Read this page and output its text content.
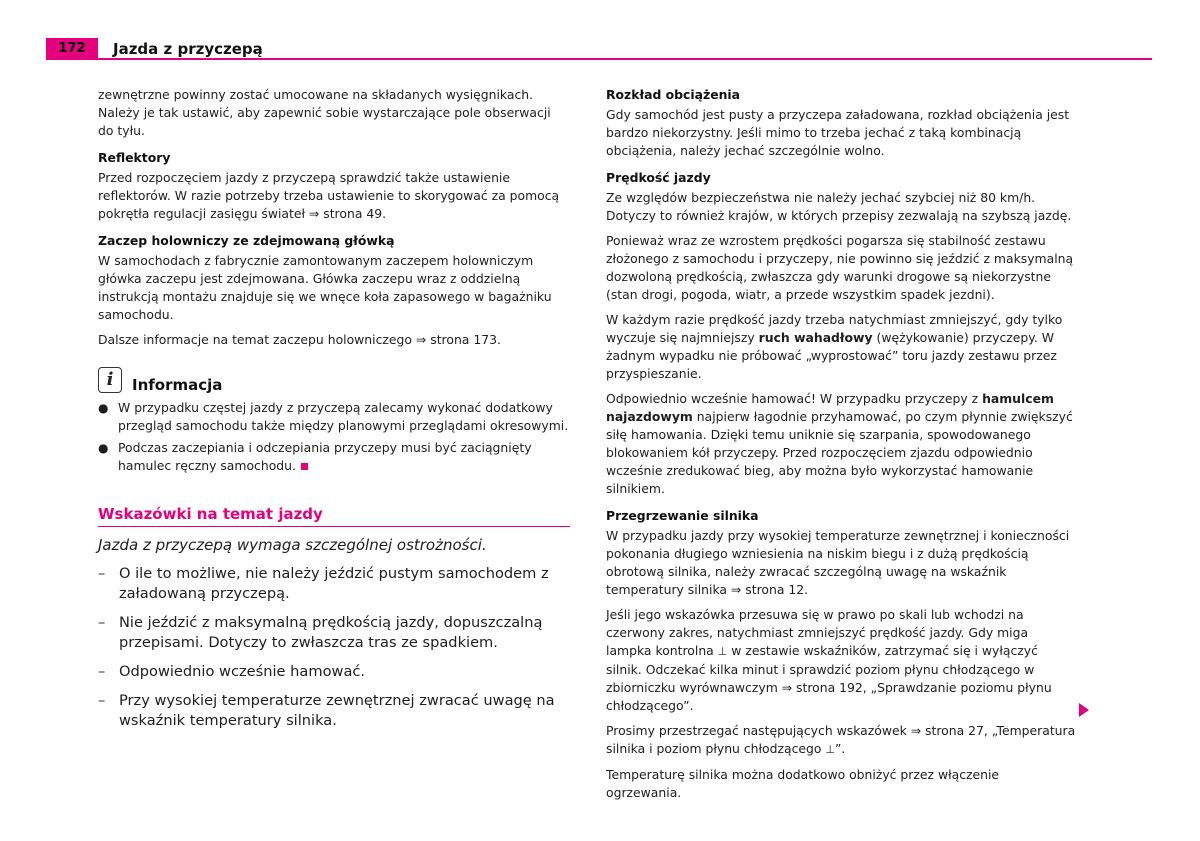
172	Jazda z przyczepą

zewnętrzne powinny zostać umocowane na składanych wysięgnikach. Należy je tak ustawić, aby zapewnić sobie wystarczające pole obserwacji do tyłu.

Reflektory

Przed rozpoczęciem jazdy z przyczepą sprawdzić także ustawienie reflektorów. W razie potrzeby trzeba ustawienie to skorygować za pomocą pokrętła regulacji zasięgu świateł ⇒ strona 49.

Zaczep holowniczy ze zdejmowaną główką

W samochodach z fabrycznie zamontowanym zaczepem holowniczym główka zaczepu jest zdejmowana. Główka zaczepu wraz z oddzielną instrukcją montażu znajduje się we wnęce koła zapasowego w bagażniku samochodu.

Dalsze informacje na temat zaczepu holowniczego ⇒ strona 173.

i	Informacja
● W przypadku częstej jazdy z przyczepą zalecamy wykonać dodatkowy przegląd samochodu także między planowymi przeglądami okresowymi.
● Podczas zaczepiania i odczepiania przyczepy musi być zaciągnięty hamulec ręczny samochodu.
Wskazówki na temat jazdy
Jazda z przyczepą wymaga szczególnej ostrożności.
– O ile to możliwe, nie należy jeździć pustym samochodem z załadowaną przyczepą.
– Nie jeździć z maksymalną prędkością jazdy, dopuszczalną przepisami. Dotyczy to zwłaszcza tras ze spadkiem.
– Odpowiednio wcześnie hamować.
– Przy wysokiej temperaturze zewnętrznej zwracać uwagę na wskaźnik temperatury silnika.
Rozkład obciążenia

Gdy samochód jest pusty a przyczepa załadowana, rozkład obciążenia jest bardzo niekorzystny. Jeśli mimo to trzeba jechać z taką kombinacją obciążenia, należy jechać szczególnie wolno.

Prędkość jazdy

Ze względów bezpieczeństwa nie należy jechać szybciej niż 80 km/h. Dotyczy to również krajów, w których przepisy zezwalają na szybszą jazdę.

Ponieważ wraz ze wzrostem prędkości pogarsza się stabilność zestawu złożonego z samochodu i przyczepy, nie powinno się jeździć z maksymalną dozwoloną prędkością, zwłaszcza gdy warunki drogowe są niekorzystne (stan drogi, pogoda, wiatr, a przede wszystkim spadek jezdni).

W każdym razie prędkość jazdy trzeba natychmiast zmniejszyć, gdy tylko wyczuje się najmniejszy ruch wahadłowy (wężykowanie) przyczepy. W żadnym wypadku nie próbować „wyprostować” toru jazdy zestawu przez przyspieszanie.

Odpowiednio wcześnie hamować! W przypadku przyczepy z hamulcem najazdowym najpierw łagodnie przyhamować, po czym płynnie zwiększyć siłę hamowania. Dzięki temu uniknie się szarpania, spowodowanego blokowaniem kół przyczepy. Przed rozpoczęciem zjazdu odpowiednio wcześnie zredukować bieg, aby można było wykorzystać hamowanie silnikiem.

Przegrzewanie silnika

W przypadku jazdy przy wysokiej temperaturze zewnętrznej i konieczności pokonania długiego wzniesienia na niskim biegu i z dużą prędkością obrotową silnika, należy zwracać szczególną uwagę na wskaźnik temperatury silnika ⇒ strona 12.

Jeśli jego wskazówka przesuwa się w prawo po skali lub wchodzi na czerwony zakres, natychmiast zmniejszyć prędkość jazdy. Gdy miga lampka kontrolna ⊥ w zestawie wskaźników, zatrzymać się i wyłączyć silnik. Odczekać kilka minut i sprawdzić poziom płynu chłodzącego w zbiorniczku wyrównawczym ⇒ strona 192, „Sprawdzanie poziomu płynu chłodzącego”.

Prosimy przestrzegać następujących wskazówek ⇒ strona 27, „Temperatura silnika i poziom płynu chłodzącego ⊥”.

Temperaturę silnika można dodatkowo obniżyć przez włączenie ogrzewania.
